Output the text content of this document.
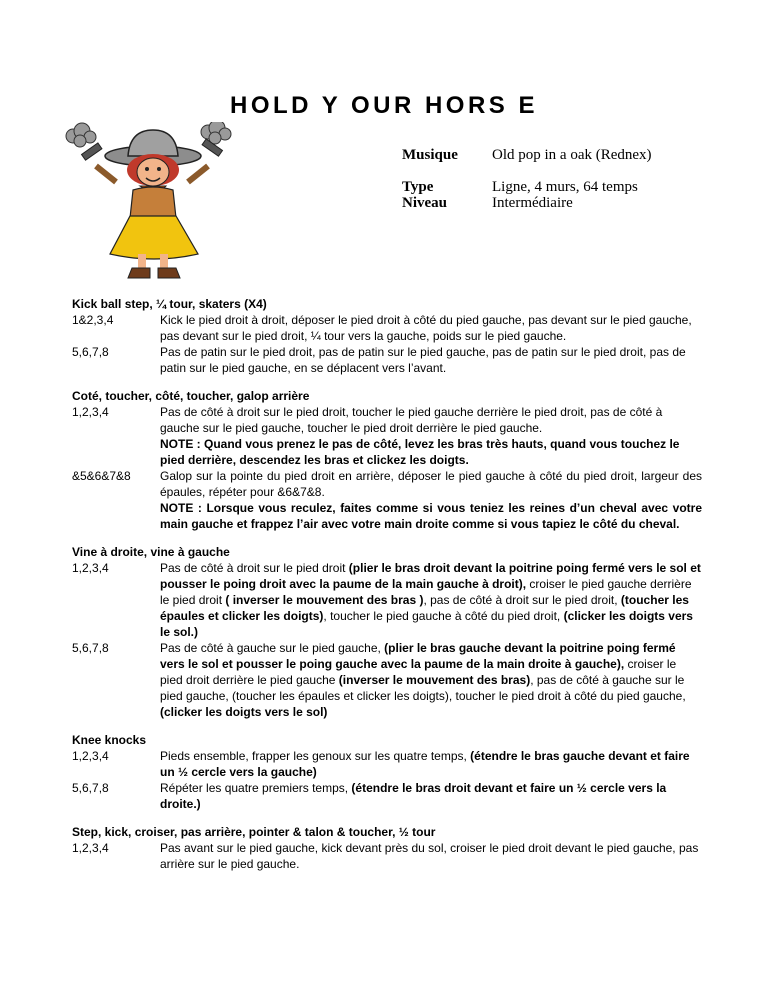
HOLD Y OUR HORS E
Musique	Old pop in a oak (Rednex)
Type	Ligne, 4 murs, 64 temps
Niveau	Intermédiaire
Kick ball step, ¼ tour, skaters (X4)
1&2,3,4	Kick le pied droit à droit, déposer le pied droit à côté du pied gauche, pas devant sur le pied gauche, pas devant sur le pied droit, ¼ tour vers la gauche, poids sur le pied gauche.
5,6,7,8	Pas de patin sur le pied droit, pas de patin sur le pied gauche, pas de patin sur le pied droit, pas de patin sur le pied gauche, en se déplacent vers l’avant.
Coté, toucher, côté, toucher, galop arrière
1,2,3,4	Pas de côté à droit sur le pied droit, toucher le pied gauche derrière le pied droit, pas de côté à gauche sur le pied gauche, toucher le pied droit derrière le pied gauche.
NOTE : Quand vous prenez le pas de côté, levez les bras très hauts, quand vous touchez le pied derrière, descendez les bras et clickez les doigts.
&5&6&7&8	Galop sur la pointe du pied droit en arrière, déposer le pied gauche à côté du pied droit, largeur des épaules, répéter pour &6&7&8.
NOTE : Lorsque vous reculez, faites comme si vous teniez les reines d’un cheval avec votre main gauche et frappez l’air avec votre main droite comme si vous tapiez le côté du cheval.
Vine à droite, vine à gauche
1,2,3,4	Pas de côté à droit sur le pied droit (plier le bras droit devant la poitrine poing fermé vers le sol et pousser le poing droit avec la paume de la main gauche à droit), croiser le pied gauche derrière le pied droit ( inverser le mouvement des bras ), pas de côté à droit sur le pied droit, (toucher les épaules et clicker les doigts), toucher le pied gauche à côté du pied droit, (clicker les doigts vers le sol.)
5,6,7,8	Pas de côté à gauche sur le pied gauche, (plier le bras gauche devant la poitrine poing fermé vers le sol et pousser le poing gauche avec la paume de la main droite à gauche), croiser le pied droit derrière le pied gauche (inverser le mouvement des bras), pas de côté à gauche sur le pied gauche, (toucher les épaules et clicker les doigts), toucher le pied droit à côté du pied gauche, (clicker les doigts vers le sol)
Knee knocks
1,2,3,4	Pieds ensemble, frapper les genoux sur les quatre temps, (étendre le bras gauche devant et faire un ½ cercle vers la gauche)
5,6,7,8	Répéter les quatre premiers temps, (étendre le bras droit devant et faire un ½ cercle vers la droite.)
Step, kick, croiser, pas arrière, pointer & talon & toucher, ½ tour
1,2,3,4	Pas avant sur le pied gauche, kick devant près du sol, croiser le pied droit devant le pied gauche, pas arrière sur le pied gauche.
